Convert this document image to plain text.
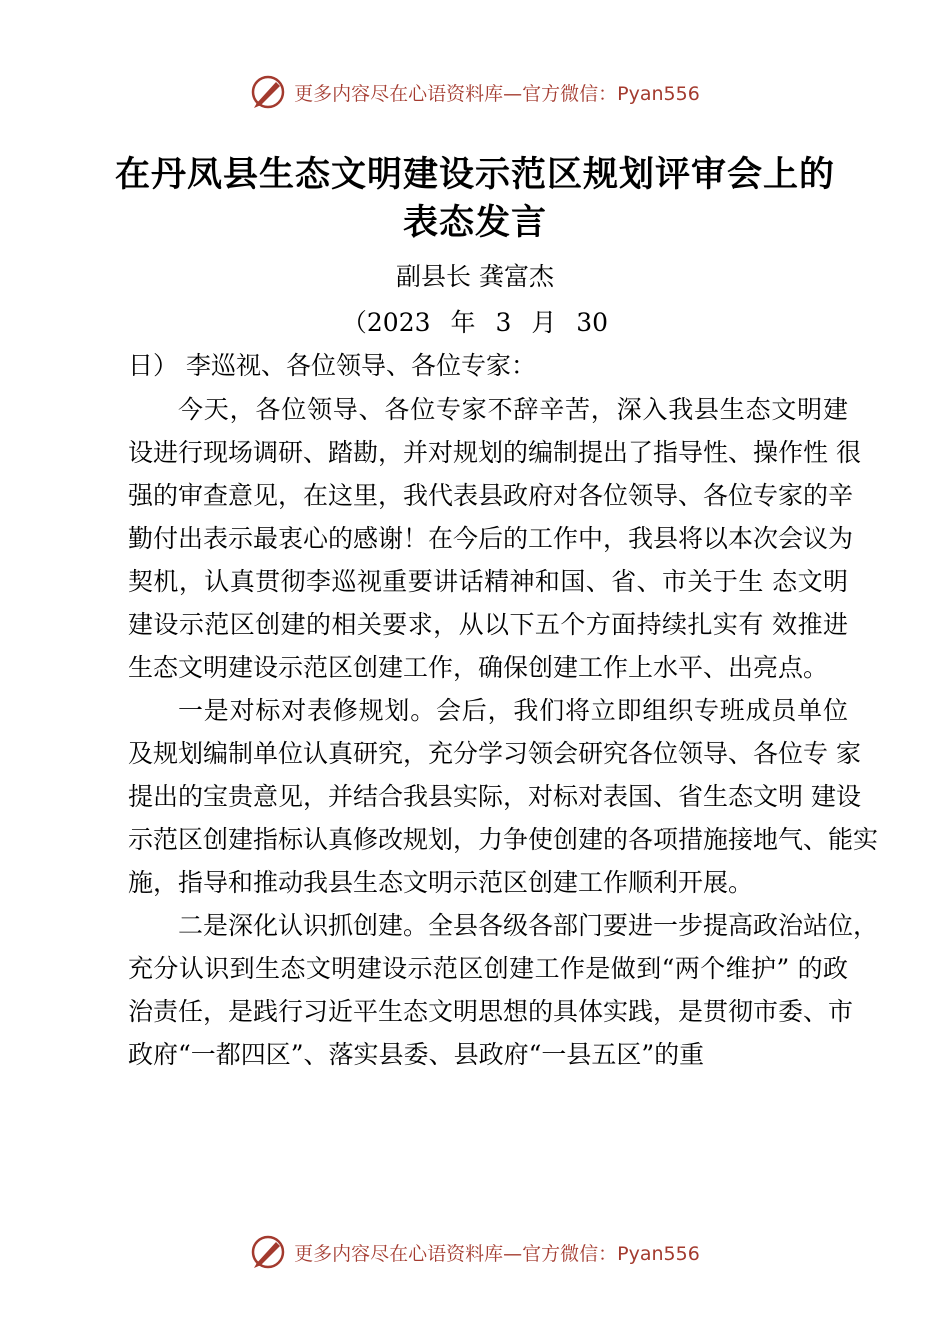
更多内容尽在心语资料库—官方微信：Pyan556
在丹凤县生态文明建设示范区规划评审会上的
表态发言
副县长 龚富杰
（2023 年 3 月 30
日） 李巡视、各位领导、各位专家：
今天，各位领导、各位专家不辞辛苦，深入我县生态文明建
设进行现场调研、踏勘，并对规划的编制提出了指导性、操作性 很
强的审查意见，在这里，我代表县政府对各位领导、各位专家的辛
勤付出表示最衷心的感谢！在今后的工作中，我县将以本次会议为
契机，认真贯彻李巡视重要讲话精神和国、省、市关于生 态文明
建设示范区创建的相关要求，从以下五个方面持续扎实有 效推进
生态文明建设示范区创建工作，确保创建工作上水平、出亮点。
一是对标对表修规划。会后，我们将立即组织专班成员单位
及规划编制单位认真研究，充分学习领会研究各位领导、各位专 家
提出的宝贵意见，并结合我县实际，对标对表国、省生态文明 建设
示范区创建指标认真修改规划，力争使创建的各项措施接地气、能实
施，指导和推动我县生态文明示范区创建工作顺利开展。
二是深化认识抓创建。全县各级各部门要进一步提高政治站位，
充分认识到生态文明建设示范区创建工作是做到“两个维护” 的政
治责任，是践行习近平生态文明思想的具体实践，是贯彻市委、市
政府“一都四区”、落实县委、县政府“一县五区”的重
更多内容尽在心语资料库—官方微信：Pyan556
